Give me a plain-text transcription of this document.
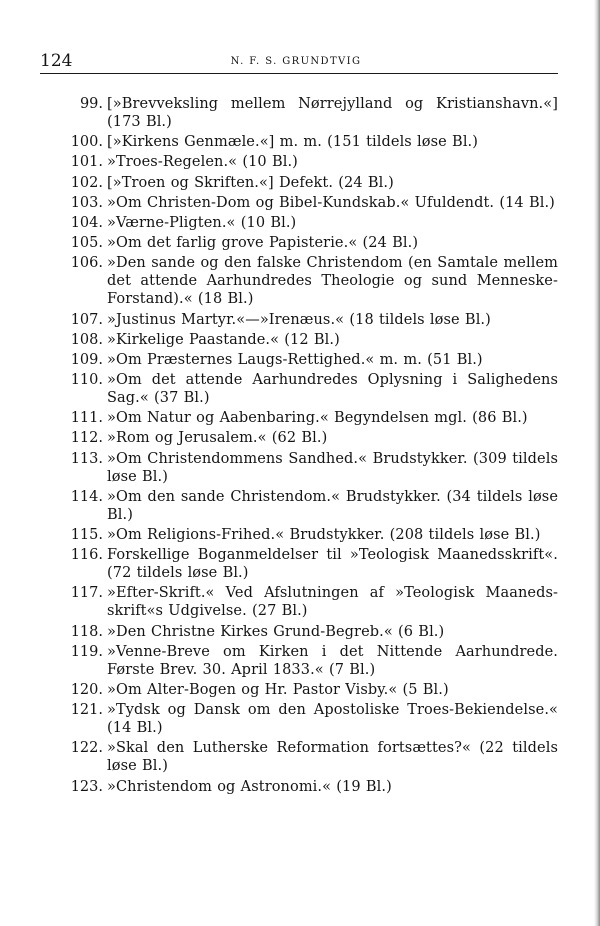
124	N. F. S. GRUNDTVIG
99. [»Brevveksling mellem Nørrejylland og Kristianshavn.«] (173 Bl.)
100. [»Kirkens Genmæle.«] m. m. (151 tildels løse Bl.)
101. »Troes-Regelen.« (10 Bl.)
102. [»Troen og Skriften.«] Defekt. (24 Bl.)
103. »Om Christen-Dom og Bibel-Kundskab.« Ufuldendt. (14 Bl.)
104. »Værne-Pligten.« (10 Bl.)
105. »Om det farlig grove Papisterie.« (24 Bl.)
106. »Den sande og den falske Christendom (en Samtale mellem det attende Aarhundredes Theologie og sund Menneske-Forstand).« (18 Bl.)
107. »Justinus Martyr.«—»Irenæus.« (18 tildels løse Bl.)
108. »Kirkelige Paastande.« (12 Bl.)
109. »Om Præsternes Laugs-Rettighed.« m. m. (51 Bl.)
110. »Om det attende Aarhundredes Oplysning i Salighedens Sag.« (37 Bl.)
111. »Om Natur og Aabenbaring.« Begyndelsen mgl. (86 Bl.)
112. »Rom og Jerusalem.« (62 Bl.)
113. »Om Christendommens Sandhed.« Brudstykker. (309 tildels løse Bl.)
114. »Om den sande Christendom.« Brudstykker. (34 tildels løse Bl.)
115. »Om Religions-Frihed.« Brudstykker. (208 tildels løse Bl.)
116. Forskellige Boganmeldelser til »Teologisk Maanedsskrift«. (72 tildels løse Bl.)
117. »Efter-Skrift.« Ved Afslutningen af »Teologisk Maaneds-skrift«s Udgivelse. (27 Bl.)
118. »Den Christne Kirkes Grund-Begreb.« (6 Bl.)
119. »Venne-Breve om Kirken i det Nittende Aarhundrede. Første Brev. 30. April 1833.« (7 Bl.)
120. »Om Alter-Bogen og Hr. Pastor Visby.« (5 Bl.)
121. »Tydsk og Dansk om den Apostoliske Troes-Bekiendelse.« (14 Bl.)
122. »Skal den Lutherske Reformation fortsættes?« (22 tildels løse Bl.)
123. »Christendom og Astronomi.« (19 Bl.)
